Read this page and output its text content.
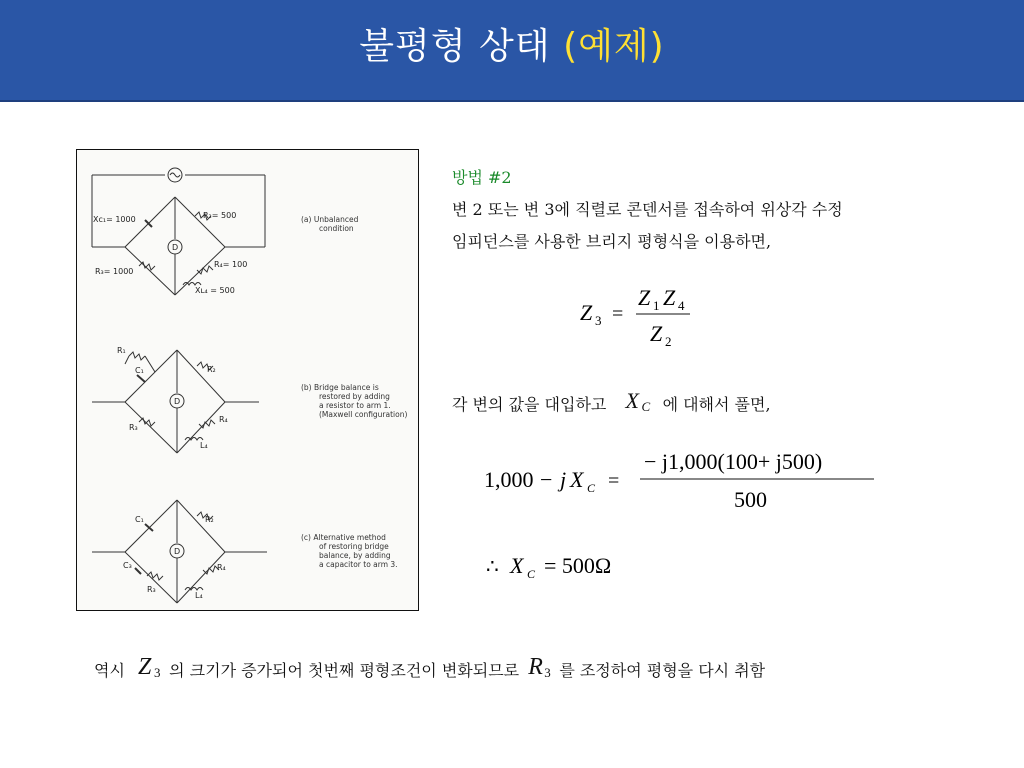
불평형 상태 (예제)
Xc₁= 1000	R₂= 500
R₃= 1000
R₄= 100
Xʟ₄ = 500
D
(a) Unbalanced
condition
R₁
C₁	R₂
R₃
R₄
L₄
D
(b) Bridge balance is
restored by adding
a resistor to arm 1.
(Maxwell configuration)
C₁	R₂
C₃
R₃
R₄
L₄
D
(c) Alternative method
of restoring bridge
balance, by adding
a capacitor to arm 3.
방법 #2
변 2 또는 변 3에 직렬로 콘덴서를 접속하여 위상각 수정
임피던스를 사용한 브리지 평형식을 이용하면,
Z 3 =
Z 1 Z 4
Z 2
각 변의 값을 대입하고 X C 에 대해서 풀면,
1,000 − j X C =
− j1,000(100+ j500)
500
∴ X C = 500Ω
역시 Z 3 의 크기가 증가되어 첫번째 평형조건이 변화되므로 R 3 를 조정하여 평형을 다시 취함
